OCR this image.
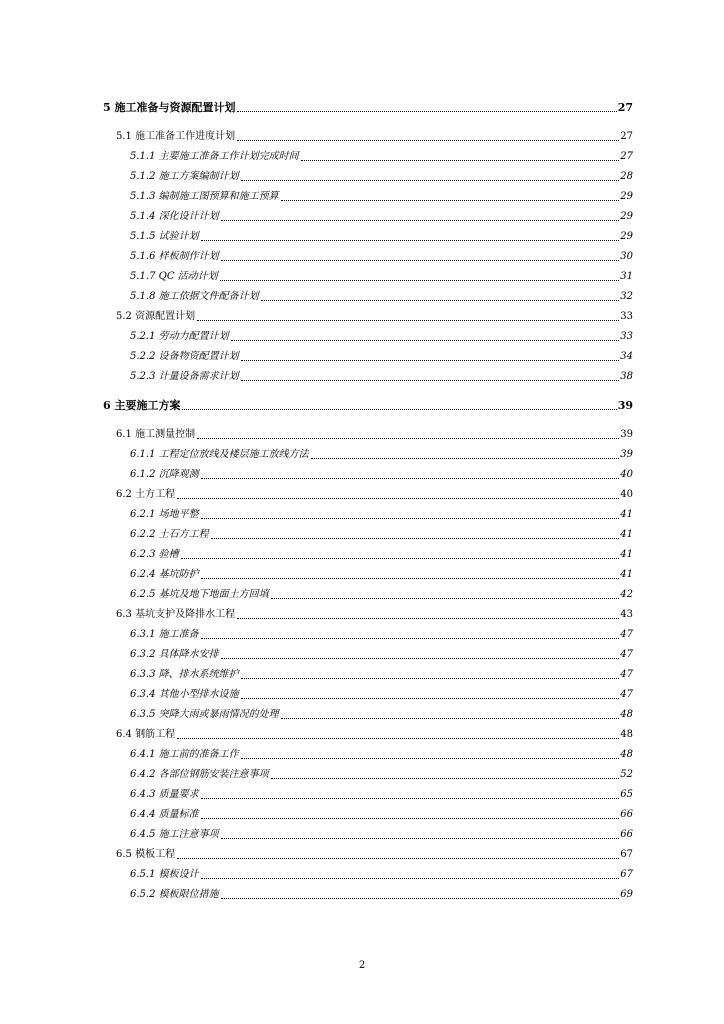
5 施工准备与资源配置计划	27
5.1 施工准备工作进度计划	27
5.1.1 主要施工准备工作计划完成时间	27
5.1.2 施工方案编制计划	28
5.1.3 编制施工图预算和施工预算	29
5.1.4 深化设计计划	29
5.1.5 试验计划	29
5.1.6 样板制作计划	30
5.1.7 QC 活动计划	31
5.1.8 施工依据文件配备计划	32
5.2 资源配置计划	33
5.2.1 劳动力配置计划	33
5.2.2 设备物资配置计划	34
5.2.3 计量设备需求计划	38
6 主要施工方案	39
6.1 施工测量控制	39
6.1.1 工程定位放线及楼层施工放线方法	39
6.1.2 沉降观测	40
6.2 土方工程	40
6.2.1 场地平整	41
6.2.2 土石方工程	41
6.2.3 验槽	41
6.2.4 基坑防护	41
6.2.5 基坑及地下地面土方回填	42
6.3 基坑支护及降排水工程	43
6.3.1 施工准备	47
6.3.2 具体降水安排	47
6.3.3 降、排水系统维护	47
6.3.4 其他小型排水设施	47
6.3.5 突降大雨或暴雨情况的处理	48
6.4 钢筋工程	48
6.4.1 施工前的准备工作	48
6.4.2 各部位钢筋安装注意事项	52
6.4.3 质量要求	65
6.4.4 质量标准	66
6.4.5 施工注意事项	66
6.5 模板工程	67
6.5.1 模板设计	67
6.5.2 模板限位措施	69
2
